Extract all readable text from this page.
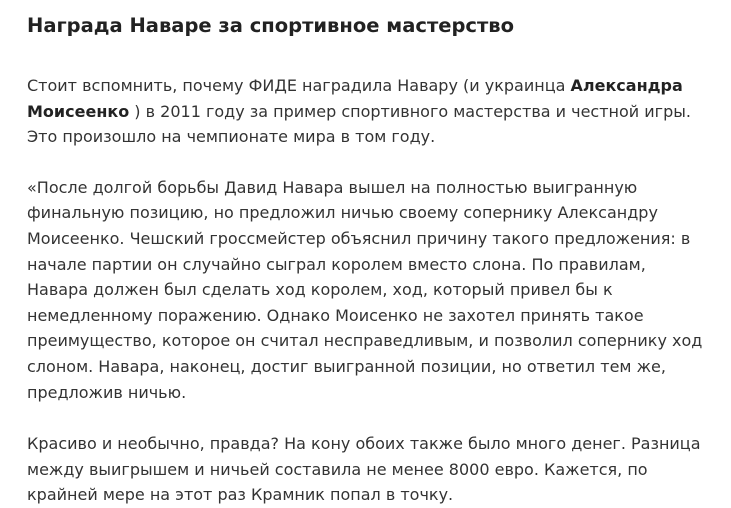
Награда Наваре за спортивное мастерство

Стоит вспомнить, почему ФИДЕ наградила Навару (и украинца Александра Моисеенко ) в 2011 году за пример спортивного мастерства и честной игры. Это произошло на чемпионате мира в том году.

«После долгой борьбы Давид Навара вышел на полностью выигранную финальную позицию, но предложил ничью своему сопернику Александру Моисеенко. Чешский гроссмейстер объяснил причину такого предложения: в начале партии он случайно сыграл королем вместо слона. По правилам, Навара должен был сделать ход королем, ход, который привел бы к немедленному поражению. Однако Моисенко не захотел принять такое преимущество, которое он считал несправедливым, и позволил сопернику ход слоном. Навара, наконец, достиг выигранной позиции, но ответил тем же, предложив ничью.

Красиво и необычно, правда? На кону обоих также было много денег. Разница между выигрышем и ничьей составила не менее 8000 евро. Кажется, по крайней мере на этот раз Крамник попал в точку.
